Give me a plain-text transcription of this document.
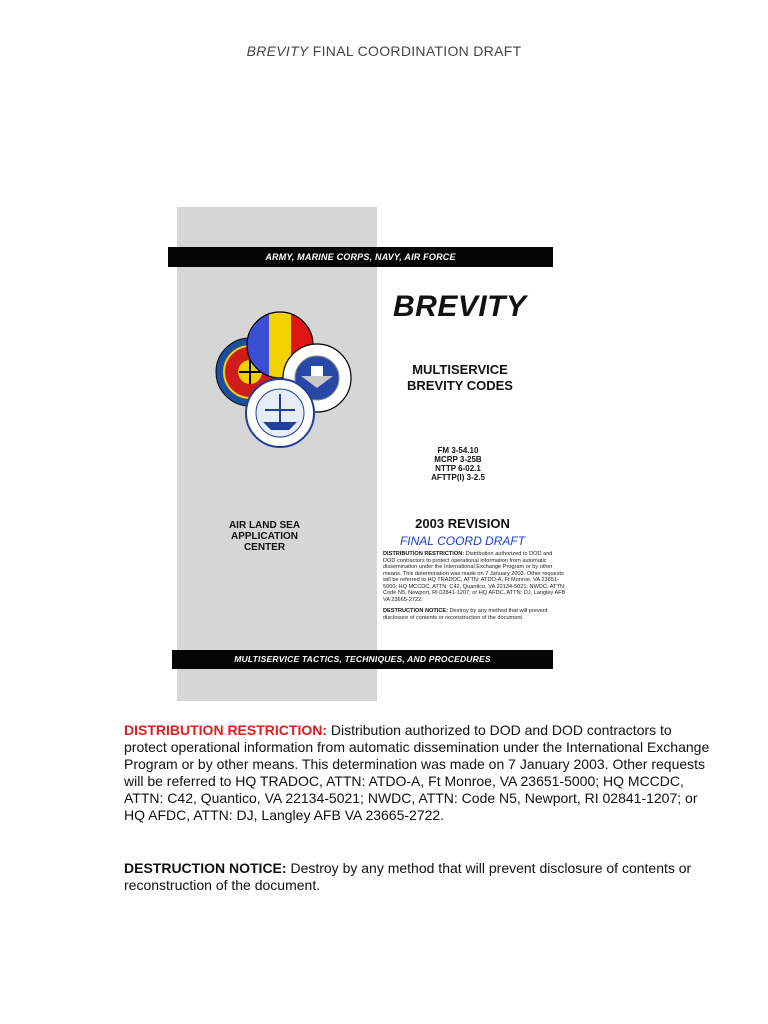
BREVITY FINAL COORDINATION DRAFT
ARMY, MARINE CORPS, NAVY, AIR FORCE
BREVITY
MULTISERVICE
BREVITY CODES
FM 3-54.10
MCRP 3-25B
NTTP 6-02.1
AFTTP(I) 3-2.5
AIR LAND SEA
APPLICATION
CENTER
2003 REVISION
FINAL COORD DRAFT

DISTRIBUTION RESTRICTION: Distribution authorized to DOD and DOD contractors to protect operational information from automatic dissemination under the International Exchange Program or by other means. This determination was made on 7 January 2003. Other requests will be referred to HQ TRADOC, ATTN: ATDO-A, Ft Monroe, VA 23651-5000; HQ MCCDC, ATTN: C42, Quantico, VA 22134-5021; NWDC, ATTN: Code N5, Newport, RI 02841-1207; or HQ AFDC, ATTN: DJ, Langley AFB VA 23665-2722.

DESTRUCTION NOTICE: Destroy by any method that will prevent disclosure of contents or reconstruction of the document.

MULTISERVICE TACTICS, TECHNIQUES, AND PROCEDURES
DISTRIBUTION RESTRICTION: Distribution authorized to DOD and DOD contractors to protect operational information from automatic dissemination under the International Exchange Program or by other means. This determination was made on 7 January 2003. Other requests will be referred to HQ TRADOC, ATTN: ATDO-A, Ft Monroe, VA 23651-5000; HQ MCCDC, ATTN: C42, Quantico, VA 22134-5021; NWDC, ATTN: Code N5, Newport, RI 02841-1207; or HQ AFDC, ATTN: DJ, Langley AFB VA 23665-2722.
DESTRUCTION NOTICE: Destroy by any method that will prevent disclosure of contents or reconstruction of the document.
